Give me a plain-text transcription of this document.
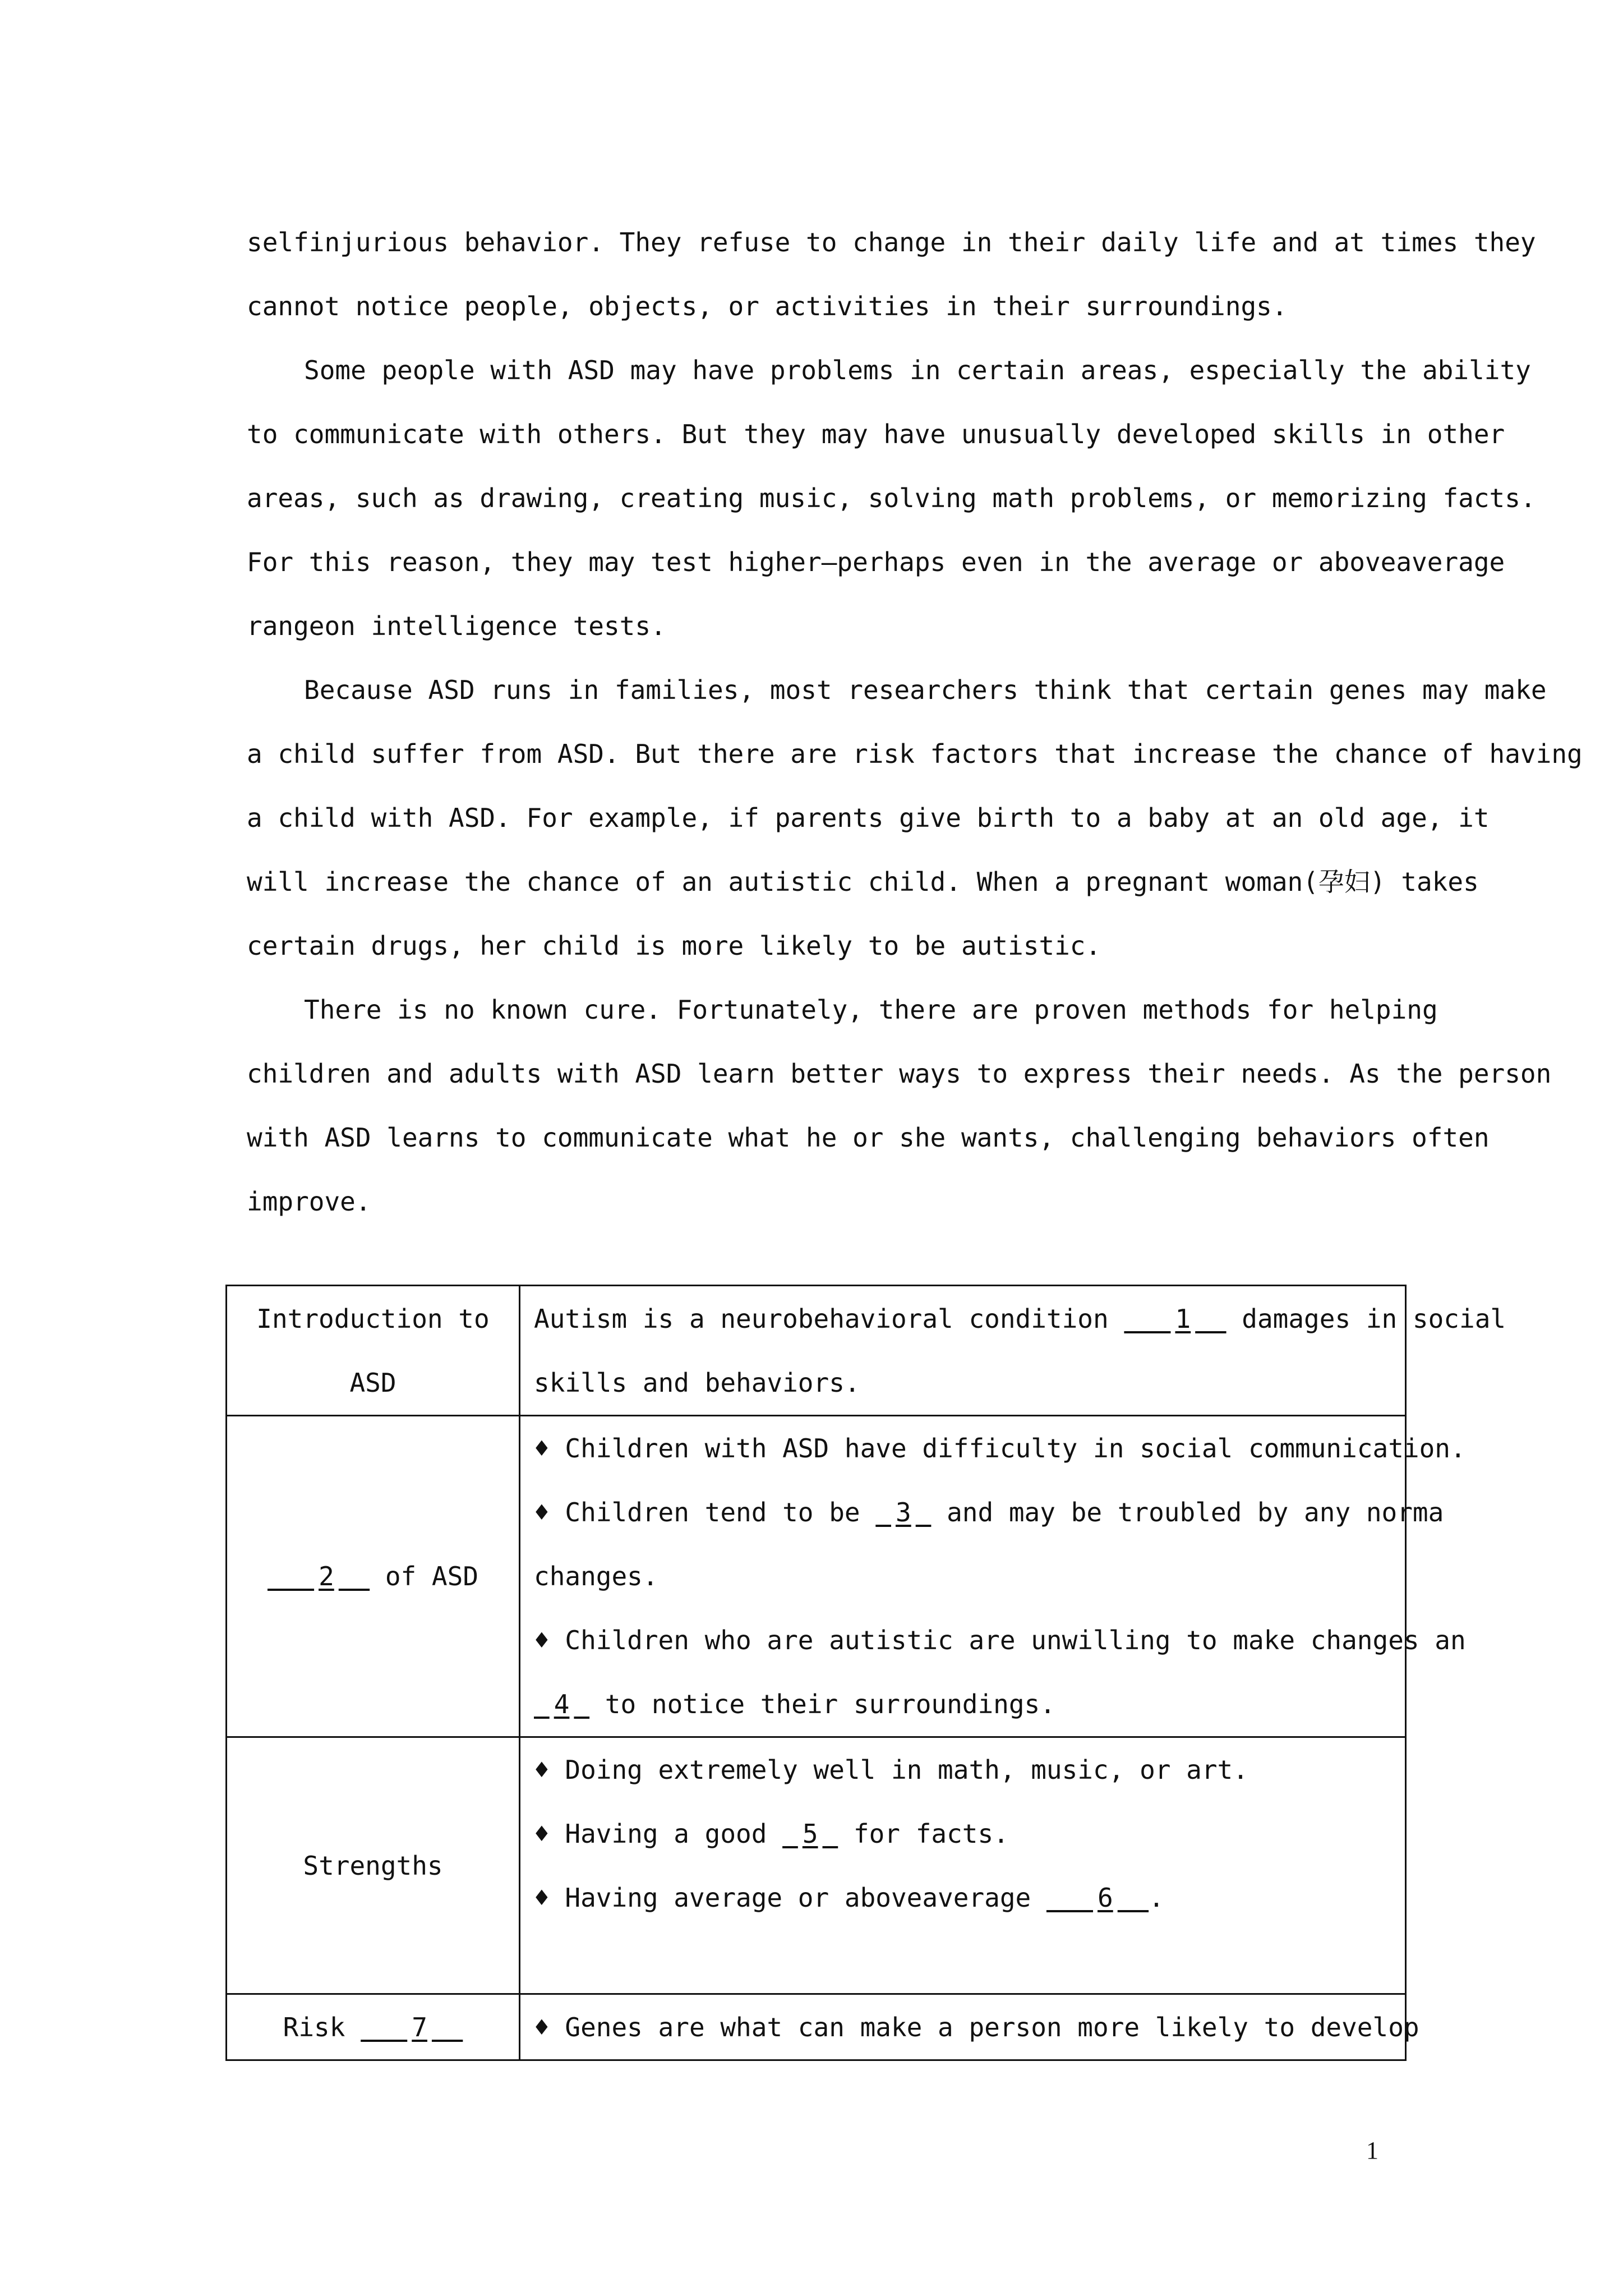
selfinjurious behavior. They refuse to change in their daily life and at times they

cannot notice people, objects, or activities in their surroundings.

Some people with ASD may have problems in certain areas, especially the ability

to communicate with others. But they may have unusually developed skills in other

areas, such as drawing, creating music, solving math problems, or memorizing facts.

For this reason, they may test higher—perhaps even in the average or aboveaverage

rangeon intelligence tests.

Because ASD runs in families, most researchers think that certain genes may make

a child suffer from ASD. But there are risk factors that increase the chance of having

a child with ASD. For example, if parents give birth to a baby at an old age, it

will increase the chance of an autistic child. When a pregnant woman(孕妇) takes

certain drugs, her child is more likely to be autistic.

There is no known cure. Fortunately, there are proven methods for helping

children and adults with ASD learn better ways to express their needs. As the person

with ASD learns to communicate what he or she wants, challenging behaviors often

improve.

Introduction to ASD	Autism is a neurobehavioral condition    1   damages in social
skills and behaviors.

2   of ASD	♦ Children with ASD have difficulty in social communication.
♦ Children tend to be  3  and may be troubled by any norma
changes.
♦ Children who are autistic are unwilling to make changes an
4  to notice their surroundings.

Strengths	♦ Doing extremely well in math, music, or art.
♦ Having a good  5  for facts.
♦ Having average or aboveaverage    6 .

Risk    7	♦ Genes are what can make a person more likely to develop
1
